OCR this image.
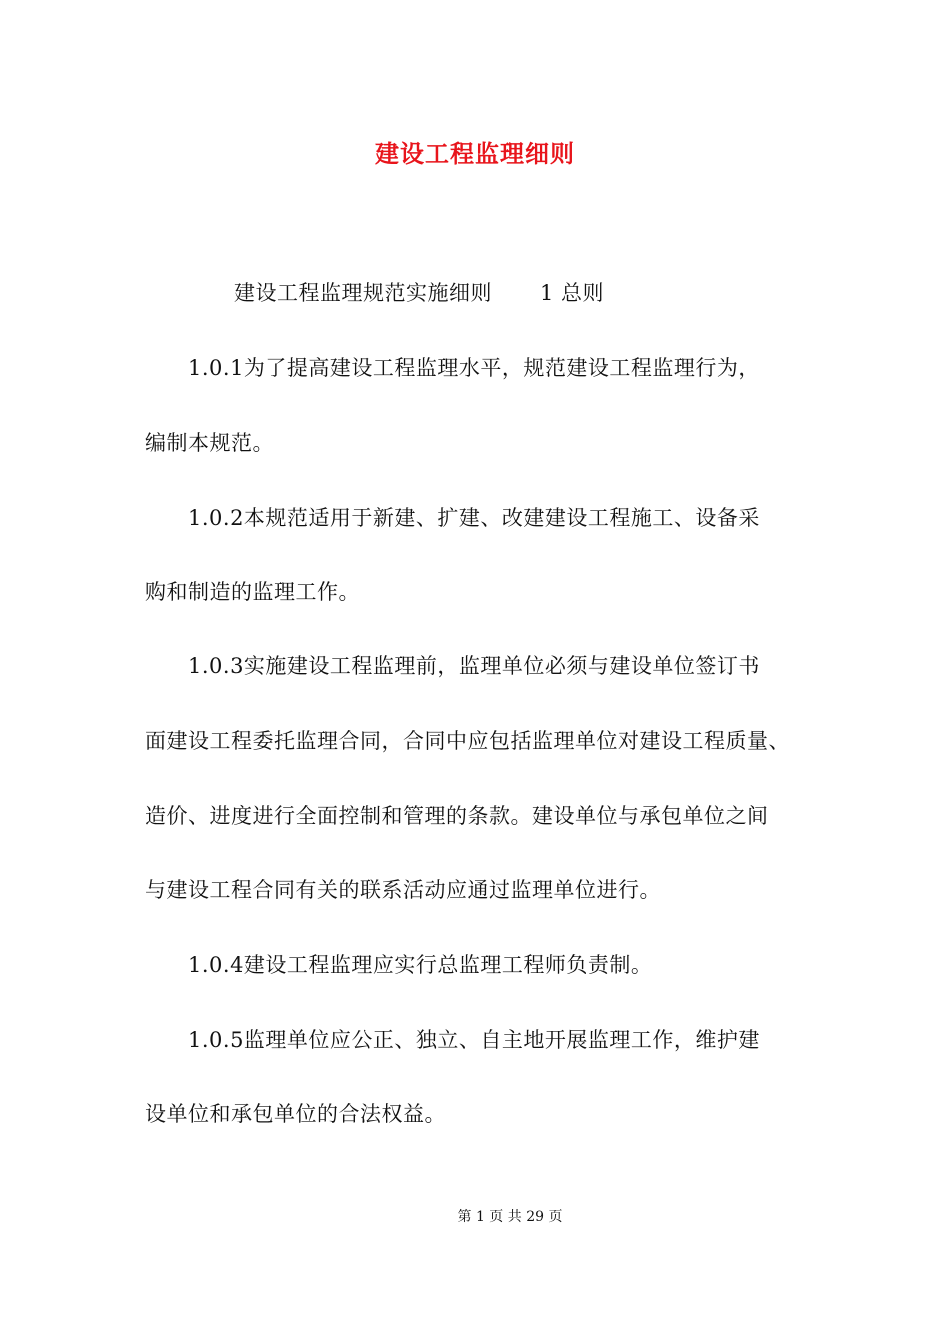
建设工程监理细则
建设工程监理规范实施细则 1 总则
1.0.1为了提高建设工程监理水平，规范建设工程监理行为，
编制本规范。
1.0.2本规范适用于新建、扩建、改建建设工程施工、设备采
购和制造的监理工作。
1.0.3实施建设工程监理前，监理单位必须与建设单位签订书
面建设工程委托监理合同，合同中应包括监理单位对建设工程质量、
造价、进度进行全面控制和管理的条款。建设单位与承包单位之间
与建设工程合同有关的联系活动应通过监理单位进行。
1.0.4建设工程监理应实行总监理工程师负责制。
1.0.5监理单位应公正、独立、自主地开展监理工作，维护建
设单位和承包单位的合法权益。
第 1 页 共 29 页
